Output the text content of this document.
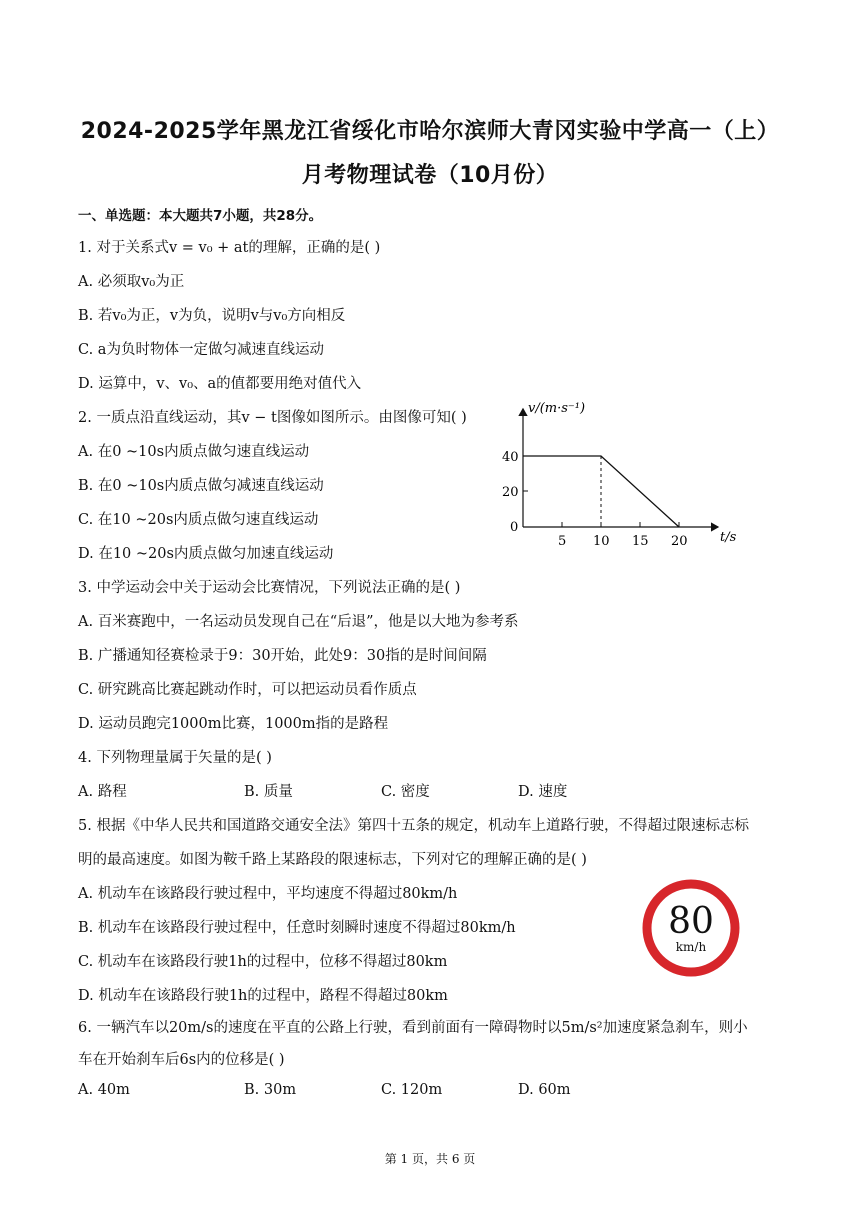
2024-2025学年黑龙江省绥化市哈尔滨师大青冈实验中学高一（上）
月考物理试卷（10月份）
一、单选题：本大题共7小题，共28分。
1. 对于关系式v = v₀ + at的理解，正确的是( )
A. 必须取v₀为正
B. 若v₀为正，v为负，说明v与v₀方向相反
C. a为负时物体一定做匀减速直线运动
D. 运算中，v、v₀、a的值都要用绝对值代入
2. 一质点沿直线运动，其v − t图像如图所示。由图像可知( )
A. 在0 ~10s内质点做匀速直线运动
B. 在0 ~10s内质点做匀减速直线运动
C. 在10 ~20s内质点做匀速直线运动
D. 在10 ~20s内质点做匀加速直线运动
v/(m·s⁻¹)
t/s
40
20
0
5 10 15 20
3. 中学运动会中关于运动会比赛情况，下列说法正确的是( )
A. 百米赛跑中，一名运动员发现自己在“后退”，他是以大地为参考系
B. 广播通知径赛检录于9：30开始，此处9：30指的是时间间隔
C. 研究跳高比赛起跳动作时，可以把运动员看作质点
D. 运动员跑完1000m比赛，1000m指的是路程
4. 下列物理量属于矢量的是( )
A. 路程	B. 质量	C. 密度	D. 速度
5. 根据《中华人民共和国道路交通安全法》第四十五条的规定，机动车上道路行驶，不得超过限速标志标
明的最高速度。如图为鞍千路上某路段的限速标志，下列对它的理解正确的是( )
A. 机动车在该路段行驶过程中，平均速度不得超过80km/h
B. 机动车在该路段行驶过程中，任意时刻瞬时速度不得超过80km/h
C. 机动车在该路段行驶1h的过程中，位移不得超过80km
D. 机动车在该路段行驶1h的过程中，路程不得超过80km
80
km/h
6. 一辆汽车以20m/s的速度在平直的公路上行驶，看到前面有一障碍物时以5m/s²加速度紧急刹车，则小
车在开始刹车后6s内的位移是( )
A. 40m	B. 30m	C. 120m	D. 60m
第 1 页，共 6 页
